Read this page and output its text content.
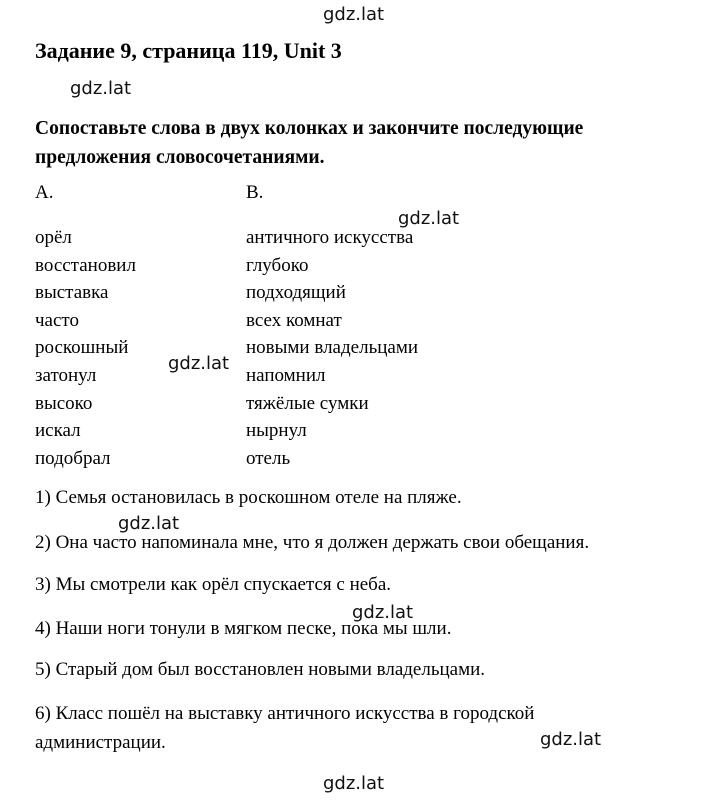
gdz.lat
gdz.lat
gdz.lat
gdz.lat
gdz.lat
gdz.lat
gdz.lat
gdz.lat
Задание 9, страница 119, Unit 3
Сопоставьте слова в двух колонках и закончите последующие предложения словосочетаниями.
A.	B.
орёл
восстановил
выставка
часто
роскошный
затонул
высоко
искал
подобрал
античного искусства
глубоко
подходящий
всех комнат
новыми владельцами
напомнил
тяжёлые сумки
нырнул
отель
1) Семья остановилась в роскошном отеле на пляже.
2) Она часто напоминала мне, что я должен держать свои обещания.
3) Мы смотрели как орёл спускается с неба.
4) Наши ноги тонули в мягком песке, пока мы шли.
5) Старый дом был восстановлен новыми владельцами.
6) Класс пошёл на выставку античного искусства в городской администрации.
